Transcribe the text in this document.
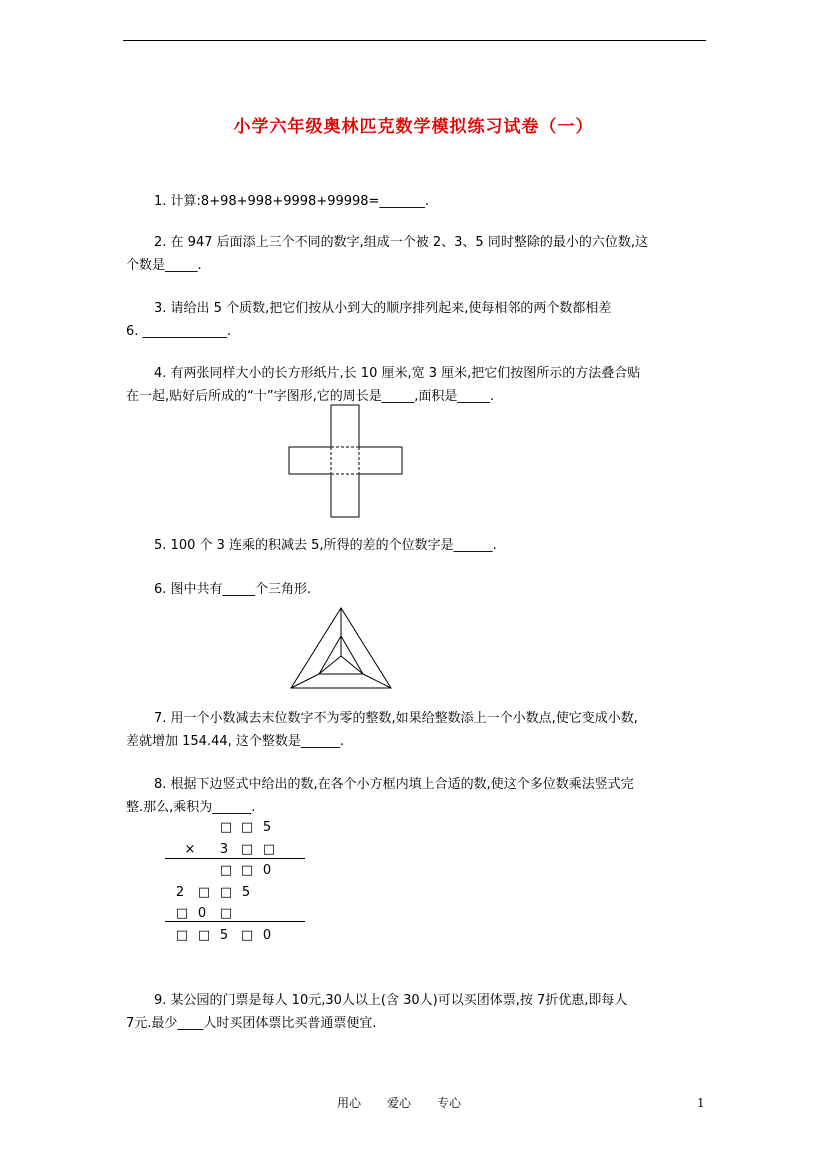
小学六年级奥林匹克数学模拟练习试卷（一）
1. 计算:8+98+998+9998+99998=_______.
2. 在 947 后面添上三个不同的数字,组成一个被 2、3、5 同时整除的最小的六位数,这
个数是_____.
3. 请给出 5 个质数,把它们按从小到大的顺序排列起来,使每相邻的两个数都相差
6. _____________.
4. 有两张同样大小的长方形纸片,长 10 厘米,宽 3 厘米,把它们按图所示的方法叠合贴
在一起,贴好后所成的“十”字图形,它的周长是_____,面积是_____.
5. 100 个 3 连乘的积减去 5,所得的差的个位数字是______.
6. 图中共有_____个三角形.
7. 用一个小数减去末位数字不为零的整数,如果给整数添上一个小数点,使它变成小数,
差就增加 154.44, 这个整数是______.
8. 根据下边竖式中给出的数,在各个小方框内填上合适的数,使这个多位数乘法竖式完
整.那么,乘积为______.
□ □ 5
× 3 □ □
□ □ 0
2 □ □ 5
□ 0 □
□ □ 5 □ 0
9. 某公园的门票是每人 10元,30人以上(含 30人)可以买团体票,按 7折优惠,即每人
7元.最少____人时买团体票比买普通票便宜.
用心 爱心 专心	1
